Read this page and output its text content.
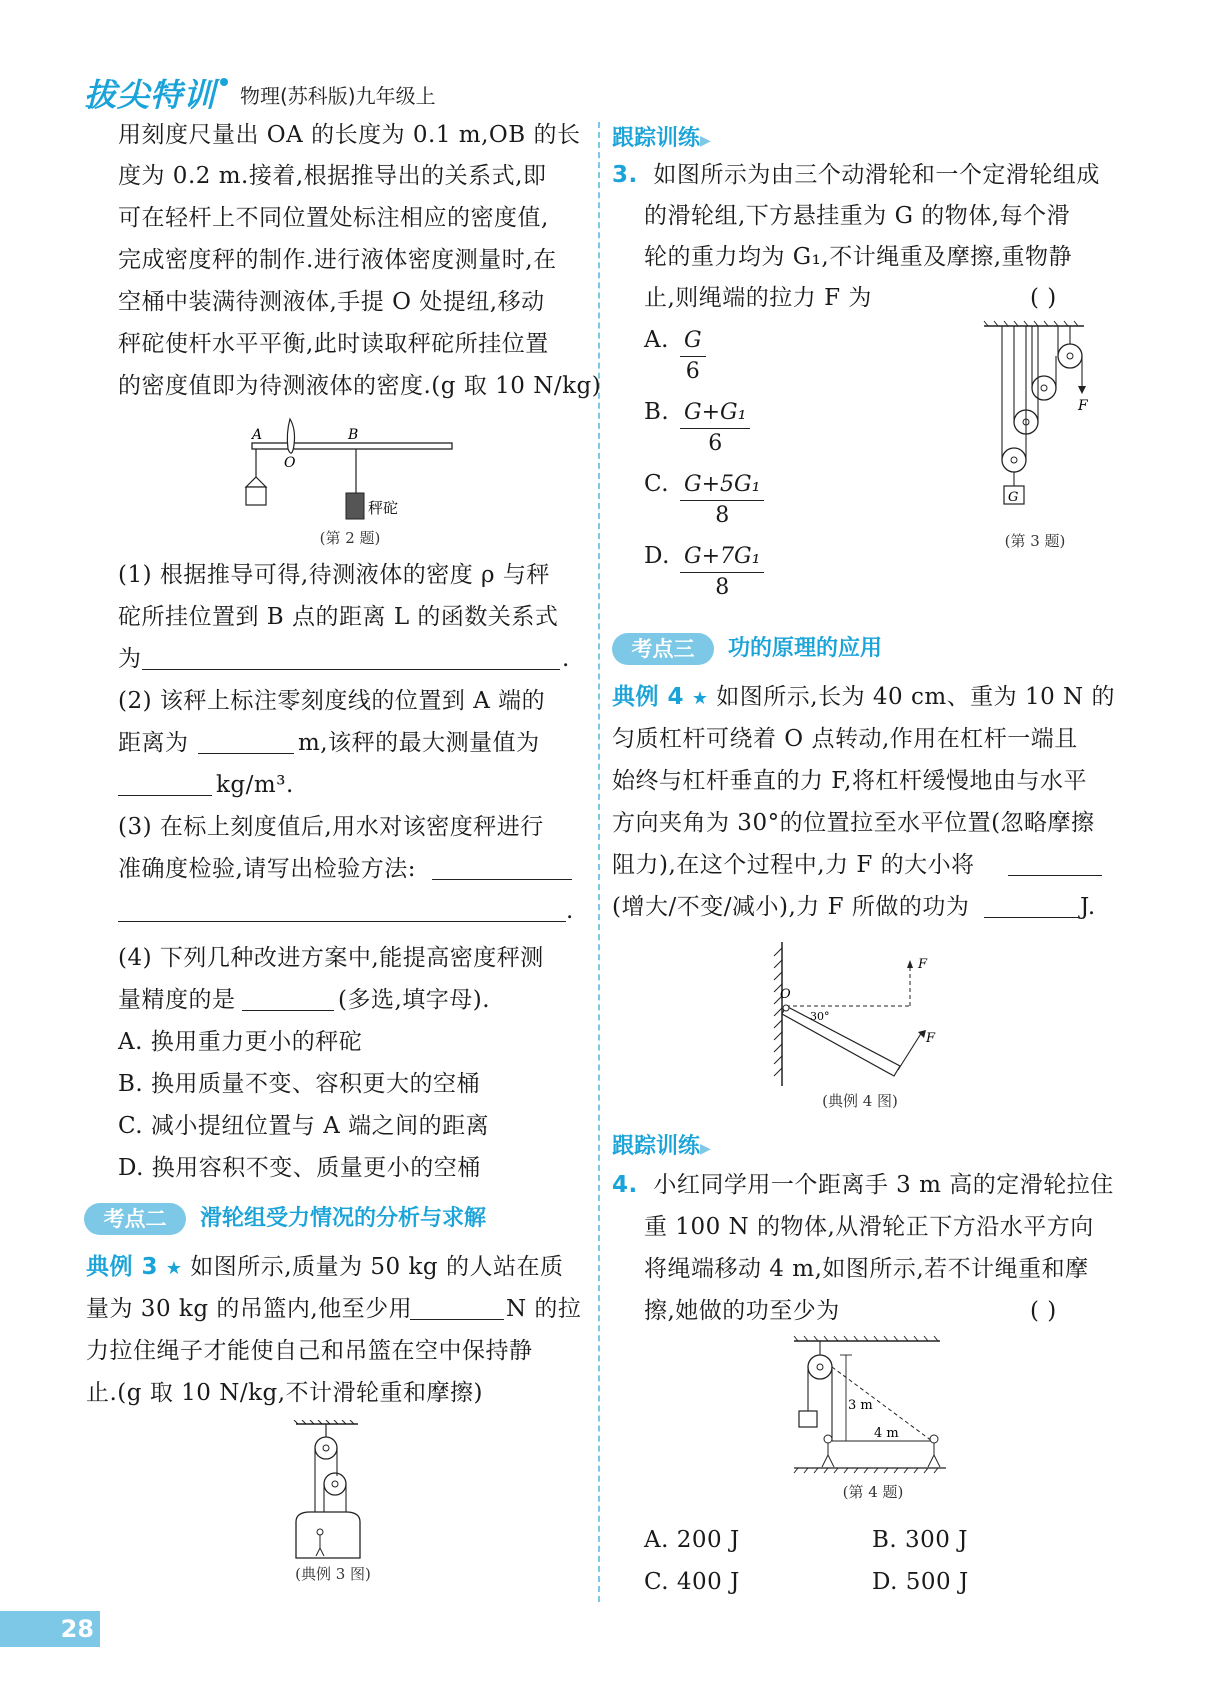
拔尖特训 物理(苏科版)九年级上
用刻度尺量出 OA 的长度为 0.1 m,OB 的长
度为 0.2 m.接着,根据推导出的关系式,即
可在轻杆上不同位置处标注相应的密度值,
完成密度秤的制作.进行液体密度测量时,在
空桶中装满待测液体,手提 O 处提纽,移动
秤砣使杆水平平衡,此时读取秤砣所挂位置
的密度值即为待测液体的密度.(g 取 10 N/kg)
A	B
O
秤砣
(第 2 题)
(1) 根据推导可得,待测液体的密度 ρ 与秤
砣所挂位置到 B 点的距离 L 的函数关系式
为	.
(2) 该秤上标注零刻度线的位置到 A 端的
距离为	m,该秤的最大测量值为
kg/m³.
(3) 在标上刻度值后,用水对该密度秤进行
准确度检验,请写出检验方法:
.
(4) 下列几种改进方案中,能提高密度秤测
量精度的是	(多选,填字母).
A. 换用重力更小的秤砣
B. 换用质量不变、容积更大的空桶
C. 减小提纽位置与 A 端之间的距离
D. 换用容积不变、质量更小的空桶
考点二	滑轮组受力情况的分析与求解
典例 3 ★ 如图所示,质量为 50 kg 的人站在质
量为 30 kg 的吊篮内,他至少用	N 的拉
力拉住绳子才能使自己和吊篮在空中保持静
止.(g 取 10 N/kg,不计滑轮重和摩擦)
(典例 3 图)
跟踪训练▶
3. 如图所示为由三个动滑轮和一个定滑轮组成
的滑轮组,下方悬挂重为 G 的物体,每个滑
轮的重力均为 G₁,不计绳重及摩擦,重物静
止,则绳端的拉力 F 为	( )
A. $\frac{G}{6}$
B. $\frac{\text{G+G₁}}{6}$
C. $\frac{\text{G+5G₁}}{8}$
D. $\frac{\text{G+7G₁}}{8}$
F
G
(第 3 题)
考点三	功的原理的应用
典例 4 ★ 如图所示,长为 40 cm、重为 10 N 的
匀质杠杆可绕着 O 点转动,作用在杠杆一端且
始终与杠杆垂直的力 F,将杠杆缓慢地由与水平
方向夹角为 30°的位置拉至水平位置(忽略摩擦
阻力),在这个过程中,力 F 的大小将
(增大/不变/减小),力 F 所做的功为	J.
O
30°
F
F
(典例 4 图)
跟踪训练▶
4. 小红同学用一个距离手 3 m 高的定滑轮拉住
重 100 N 的物体,从滑轮正下方沿水平方向
将绳端移动 4 m,如图所示,若不计绳重和摩
擦,她做的功至少为	( )
3 m
4 m
(第 4 题)
A. 200 J	B. 300 J
C. 400 J	D. 500 J
28
